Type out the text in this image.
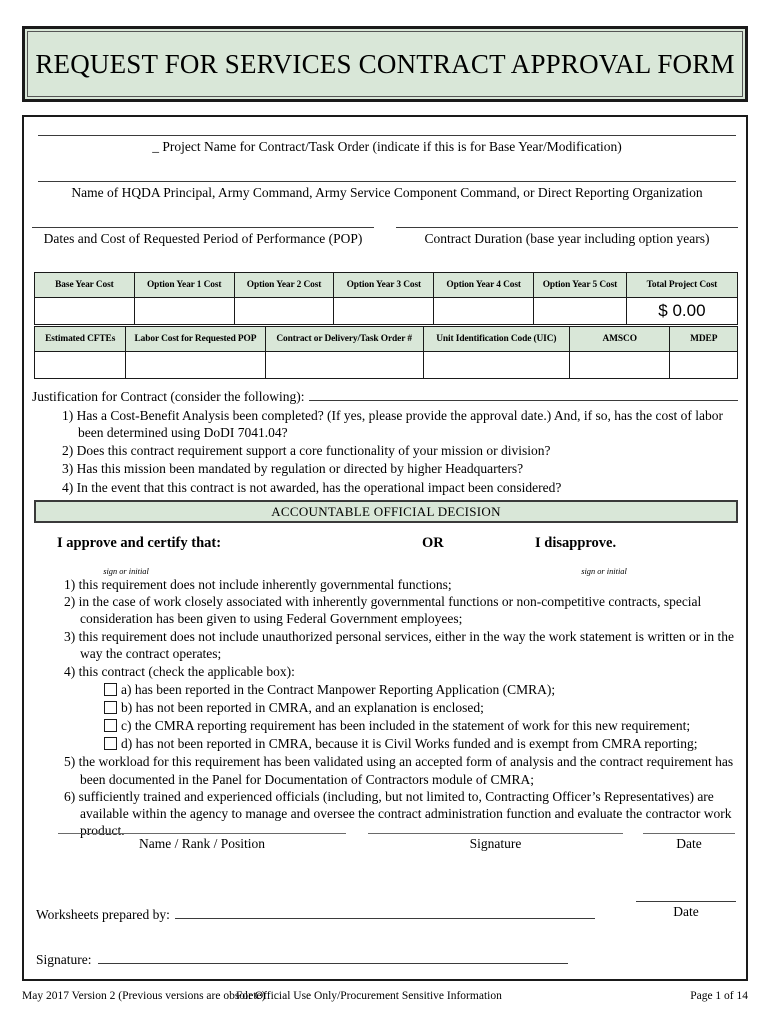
REQUEST FOR SERVICES CONTRACT APPROVAL FORM
_ Project Name for Contract/Task Order (indicate if this is for Base Year/Modification)
Name of HQDA Principal, Army Command, Army Service Component Command, or Direct Reporting Organization
Dates and Cost of Requested Period of Performance (POP)	Contract Duration (base year including option years)
Base Year Cost	Option Year 1 Cost	Option Year 2 Cost	Option Year 3 Cost	Option Year 4 Cost	Option Year 5 Cost	Total Project Cost
						$ 0.00
Estimated CFTEs	Labor Cost for Requested POP	Contract or Delivery/Task Order #	Unit Identification Code (UIC)	AMSCO	MDEP

Justification for Contract (consider the following):
1) Has a Cost-Benefit Analysis been completed? (If yes, please provide the approval date.) And, if so, has the cost of labor been determined using DoDI 7041.04?
2) Does this contract requirement support a core functionality of your mission or division?
3) Has this mission been mandated by regulation or directed by higher Headquarters?
4) In the event that this contract is not awarded, has the operational impact been considered?
ACCOUNTABLE OFFICIAL DECISION
sign or initial
I approve and certify that:	OR
sign or initial
I disapprove.
1) this requirement does not include inherently governmental functions;
2) in the case of work closely associated with inherently governmental functions or non-competitive contracts, special consideration has been given to using Federal Government employees;
3) this requirement does not include unauthorized personal services, either in the way the work statement is written or in the way the contract operates;
4) this contract (check the applicable box):
a) has been reported in the Contract Manpower Reporting Application (CMRA);
b) has not been reported in CMRA, and an explanation is enclosed;
c) the CMRA reporting requirement has been included in the statement of work for this new requirement;
d) has not been reported in CMRA, because it is Civil Works funded and is exempt from CMRA reporting;
5) the workload for this requirement has been validated using an accepted form of analysis and the contract requirement has been documented in the Panel for Documentation of Contractors module of CMRA;
6) sufficiently trained and experienced officials (including, but not limited to, Contracting Officer’s Representatives) are available within the agency to manage and oversee the contract administration function and evaluate the contractor work product.
Name / Rank / Position	Signature	Date
Worksheets prepared by:	Date
Signature:
May 2017 Version 2 (Previous versions are obsolete)
For Official Use Only/Procurement Sensitive Information	Page 1 of 14
